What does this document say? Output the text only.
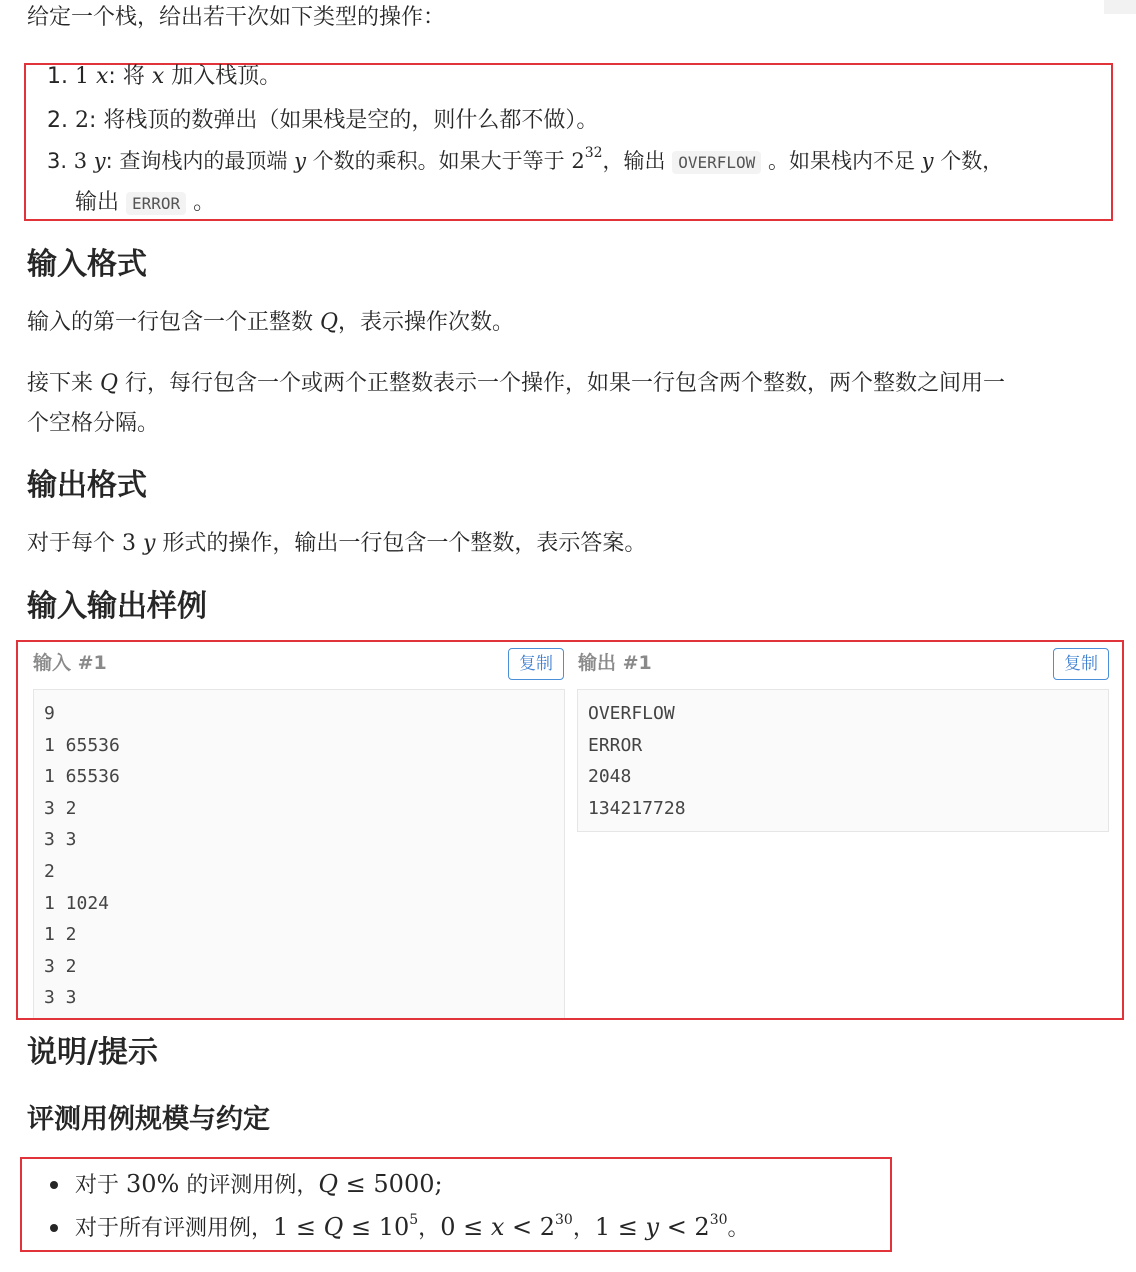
给定一个栈，给出若干次如下类型的操作：
1. 1 x: 将 x 加入栈顶。
2. 2: 将栈顶的数弹出（如果栈是空的，则什么都不做）。
3. 3 y: 查询栈内的最顶端 y 个数的乘积。如果大于等于 $2^{32}$，输出 OVERFLOW 。如果栈内不足 y 个数，
输出 ERROR 。
输入格式
输入的第一行包含一个正整数 Q，表示操作次数。
接下来 Q 行，每行包含一个或两个正整数表示一个操作，如果一行包含两个整数，两个整数之间用一
个空格分隔。
输出格式
对于每个 3 y 形式的操作，输出一行包含一个整数，表示答案。
输入输出样例
输入 #1	复制	输出 #1	复制
9
1 65536
1 65536
3 2
3 3
2
1 1024
1 2
3 2
3 3
OVERFLOW
ERROR
2048
134217728
说明/提示
评测用例规模与约定
对于 30% 的评测用例，Q ≤ 5000;
对于所有评测用例，$1 \le Q \le 10^5$，$0 \le x < 2^{30}$，$1 \le y < 2^{30}$。
